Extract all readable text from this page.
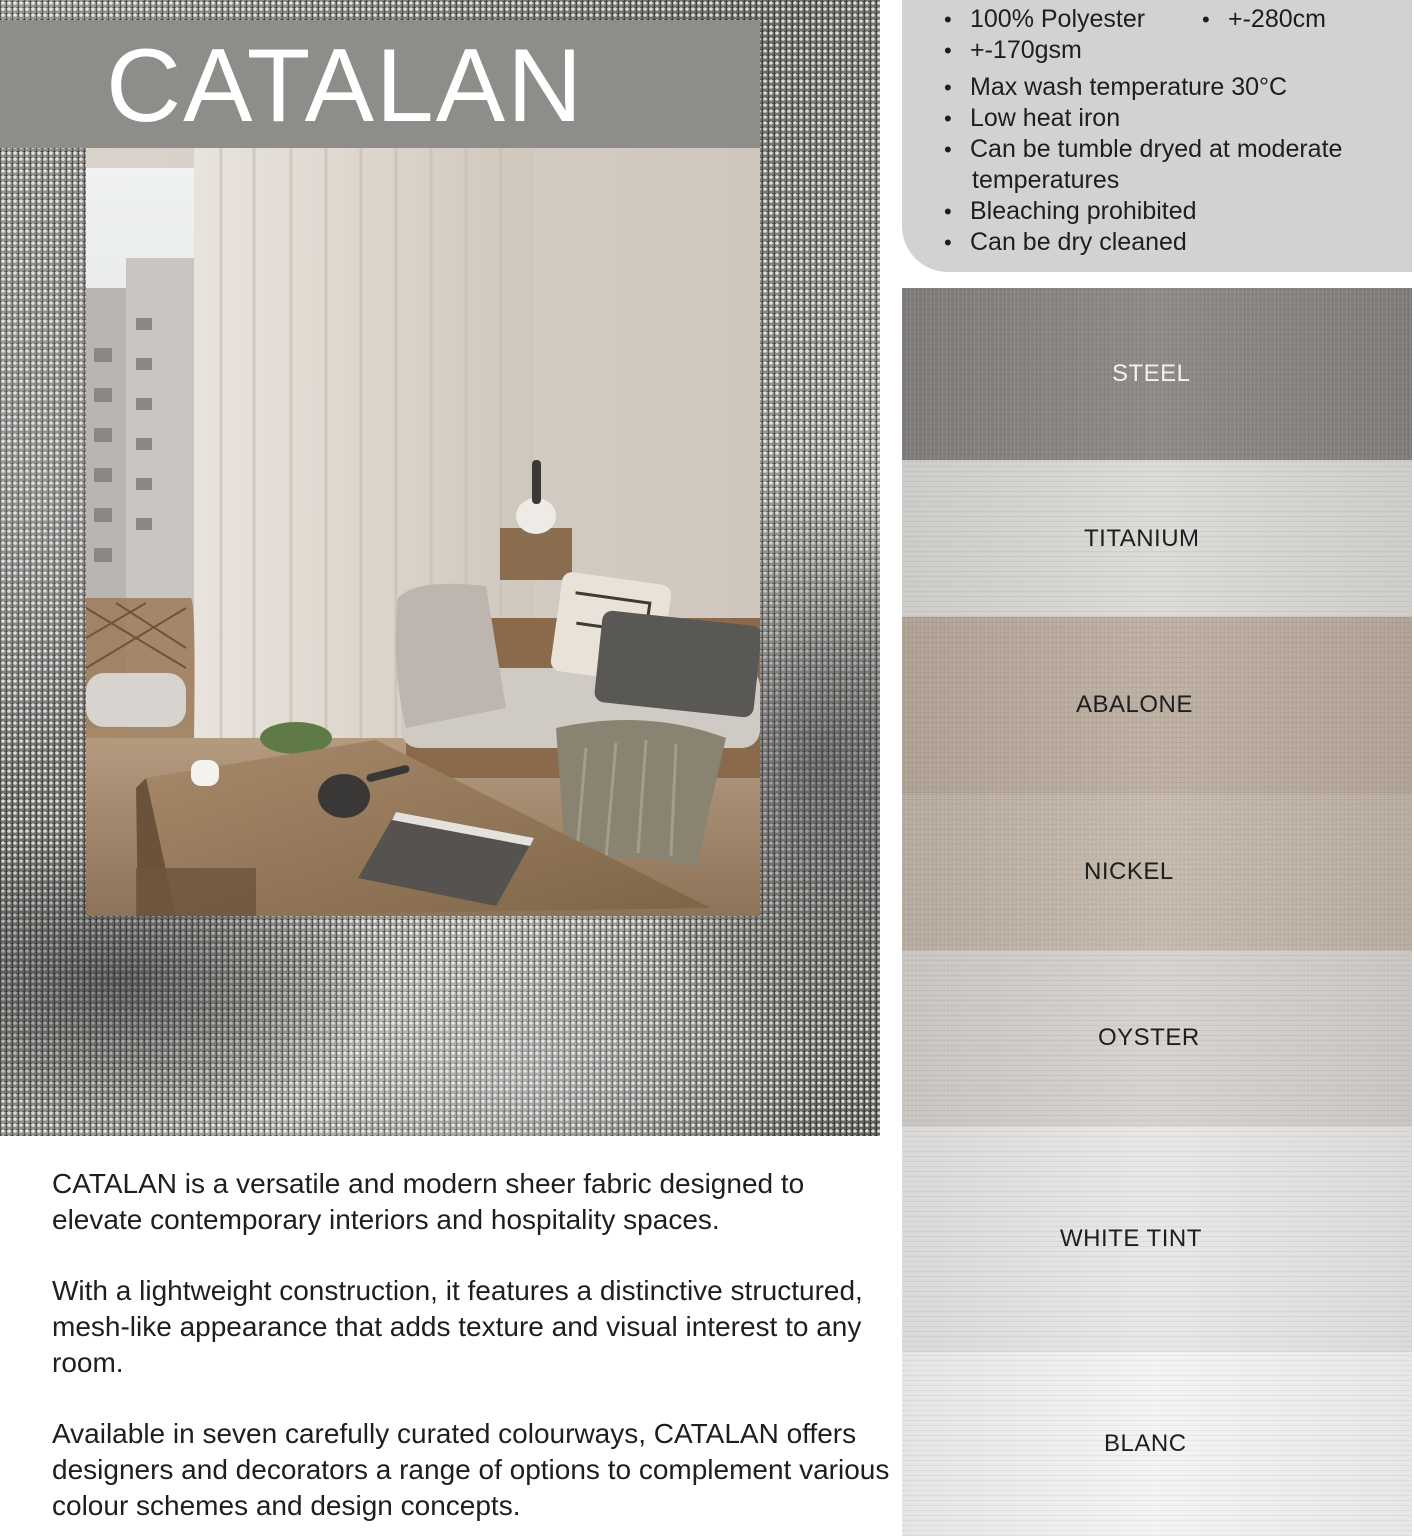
CATALAN
• 100% Polyester	• +-280cm
• +-170gsm
• Max wash temperature 30°C
• Low heat iron
• Can be tumble dryed at moderate
temperatures
• Bleaching prohibited
• Can be dry cleaned
STEEL
TITANIUM
ABALONE
NICKEL
OYSTER
WHITE TINT
BLANC

CATALAN is a versatile and modern sheer fabric designed to elevate contemporary interiors and hospitality spaces.

With a lightweight construction, it features a distinctive structured, mesh-like appearance that adds texture and visual interest to any room.

Available in seven carefully curated colourways, CATALAN offers designers and decorators a range of options to complement various colour schemes and design concepts.
